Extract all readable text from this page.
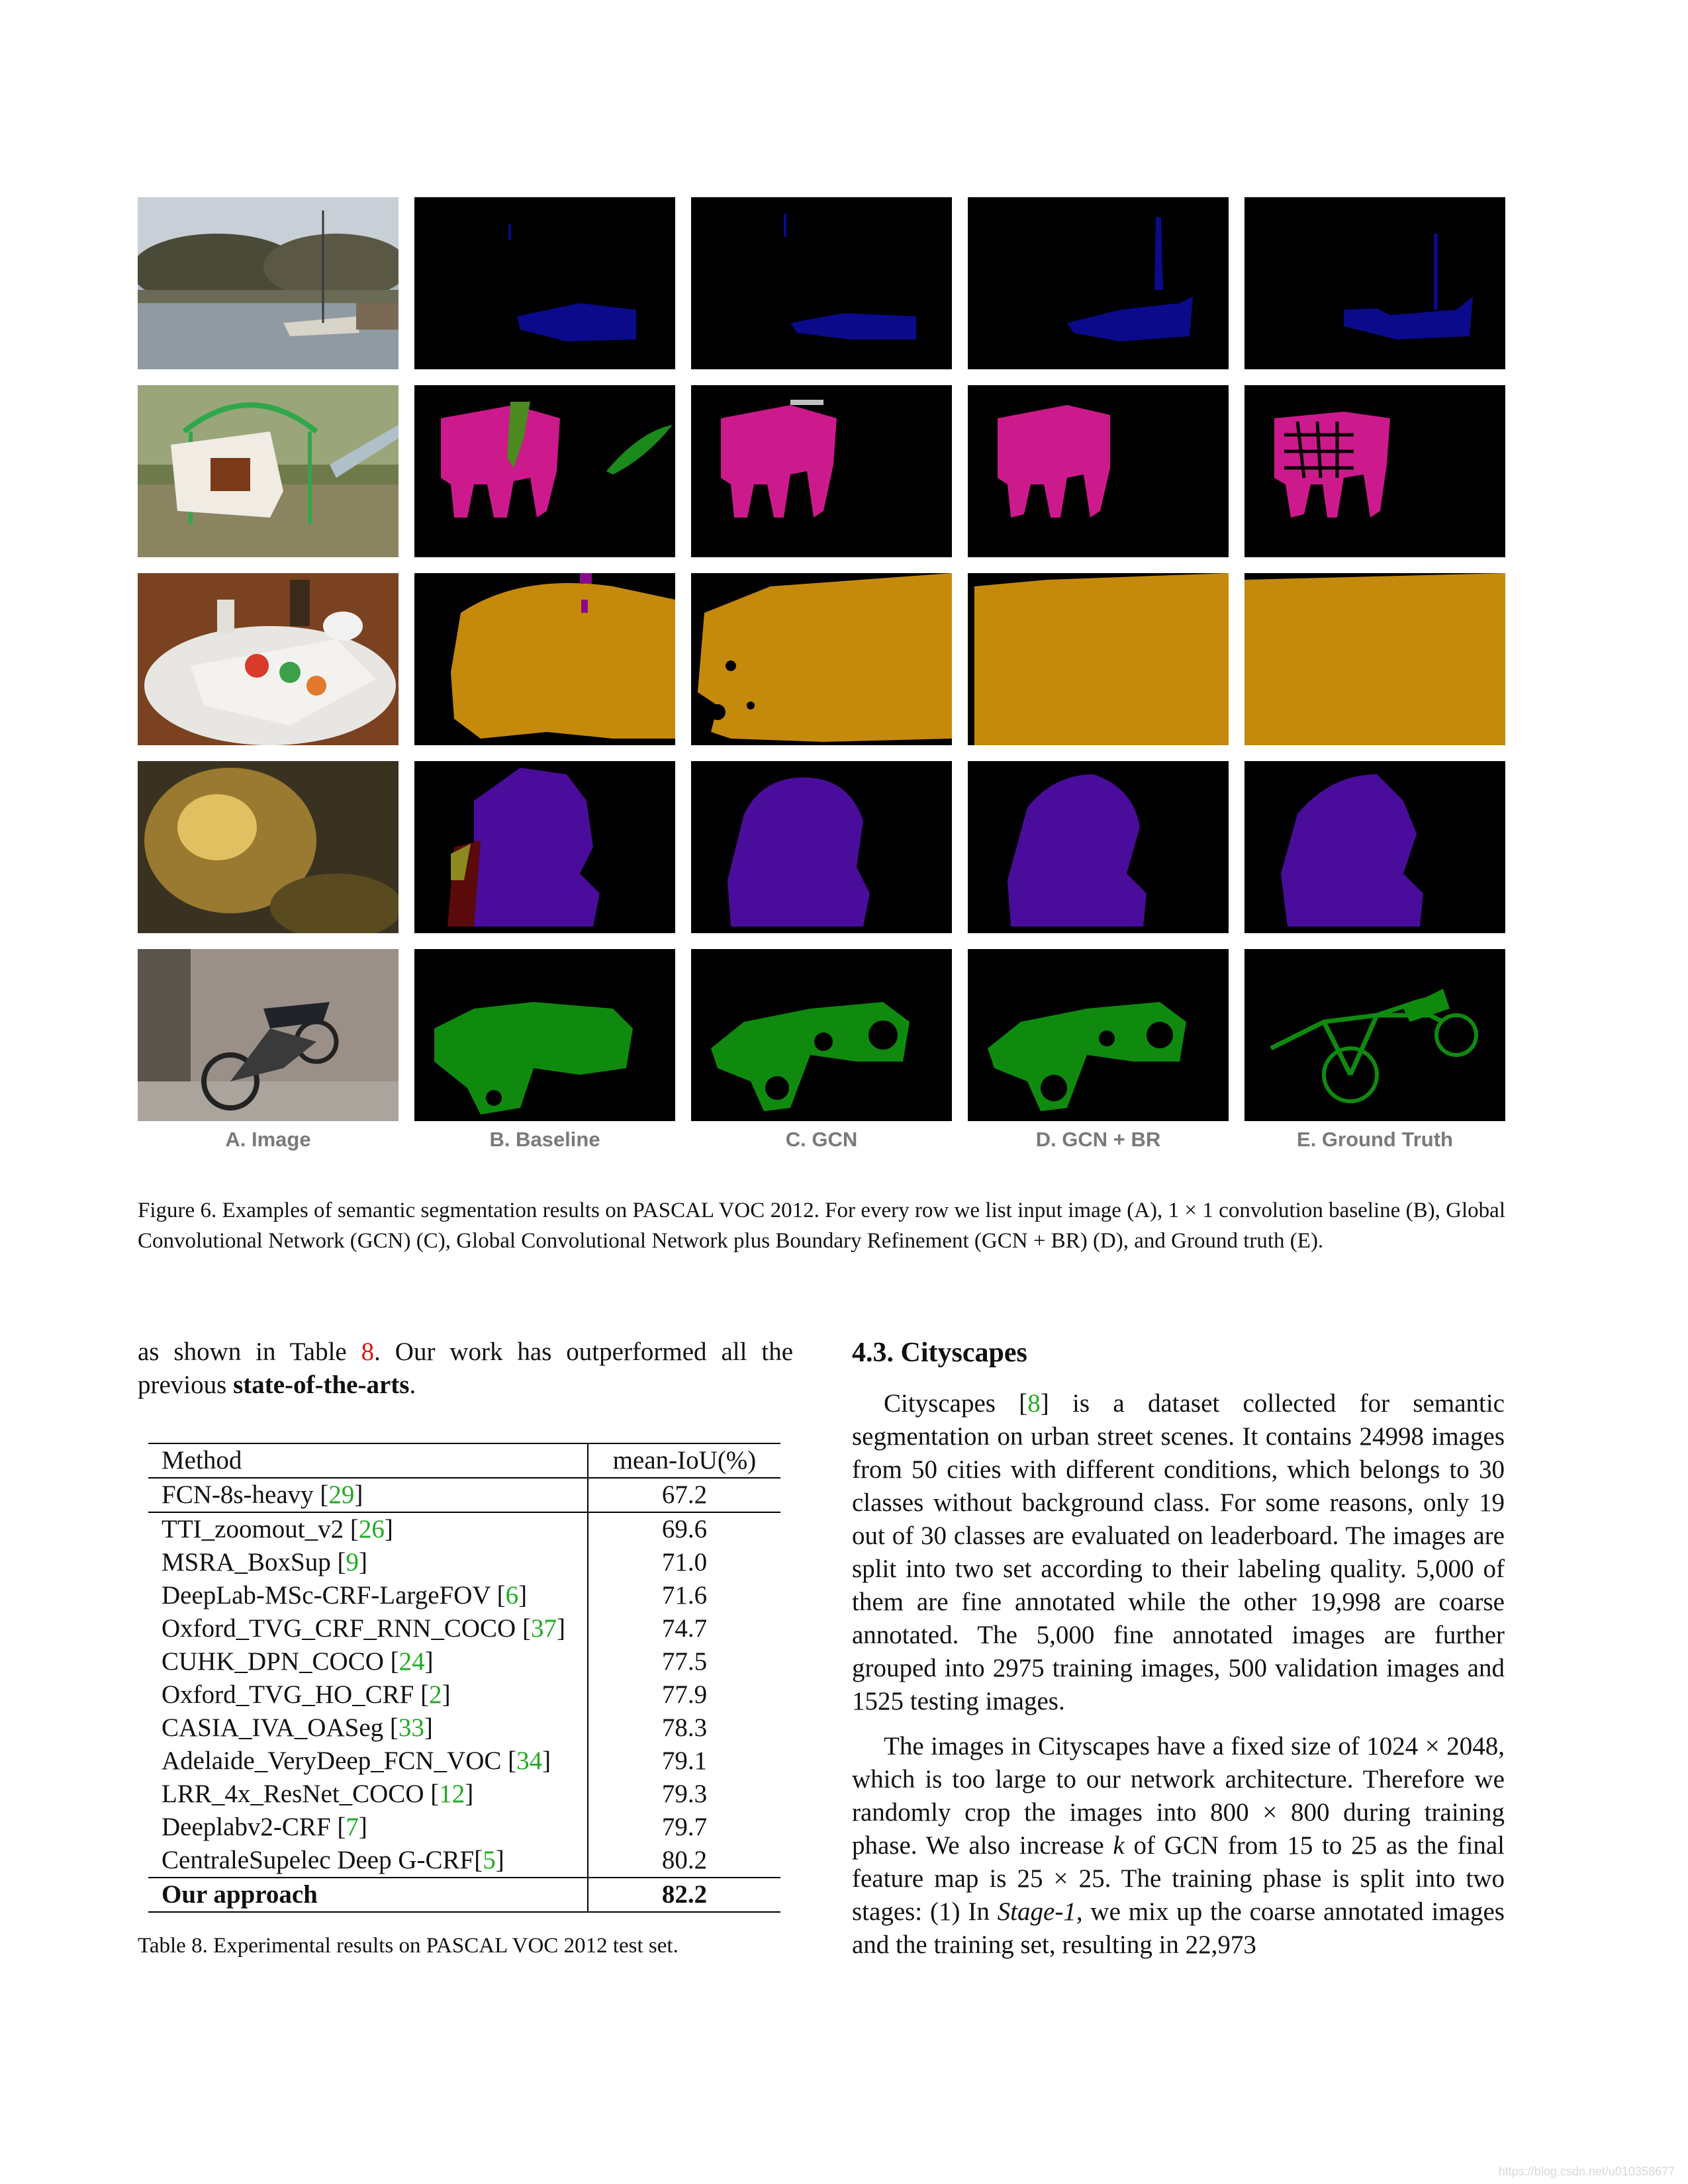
A. Image	B. Baseline	C. GCN	D. GCN + BR	E. Ground Truth
Figure 6. Examples of semantic segmentation results on PASCAL VOC 2012. For every row we list input image (A), 1 × 1 convolution baseline (B), Global Convolutional Network (GCN) (C), Global Convolutional Network plus Boundary Refinement (GCN + BR) (D), and Ground truth (E).
as shown in Table 8. Our work has outperformed all the previous state-of-the-arts.
Method	mean-IoU(%)
FCN-8s-heavy [29]	67.2
TTI_zoomout_v2 [26]	69.6
MSRA_BoxSup [9]	71.0
DeepLab-MSc-CRF-LargeFOV [6]	71.6
Oxford_TVG_CRF_RNN_COCO [37]	74.7
CUHK_DPN_COCO [24]	77.5
Oxford_TVG_HO_CRF [2]	77.9
CASIA_IVA_OASeg [33]	78.3
Adelaide_VeryDeep_FCN_VOC [34]	79.1
LRR_4x_ResNet_COCO [12]	79.3
Deeplabv2-CRF [7]	79.7
CentraleSupelec Deep G-CRF[5]	80.2
Our approach	82.2
Table 8. Experimental results on PASCAL VOC 2012 test set.
4.3. Cityscapes

Cityscapes [8] is a dataset collected for semantic segmentation on urban street scenes. It contains 24998 images from 50 cities with different conditions, which belongs to 30 classes without background class. For some reasons, only 19 out of 30 classes are evaluated on leaderboard. The images are split into two set according to their labeling quality. 5,000 of them are fine annotated while the other 19,998 are coarse annotated. The 5,000 fine annotated images are further grouped into 2975 training images, 500 validation images and 1525 testing images.

The images in Cityscapes have a fixed size of 1024 × 2048, which is too large to our network architecture. Therefore we randomly crop the images into 800 × 800 during training phase. We also increase k of GCN from 15 to 25 as the final feature map is 25 × 25. The training phase is split into two stages: (1) In Stage-1, we mix up the coarse annotated images and the training set, resulting in 22,973

https://blog.csdn.net/u010358677
